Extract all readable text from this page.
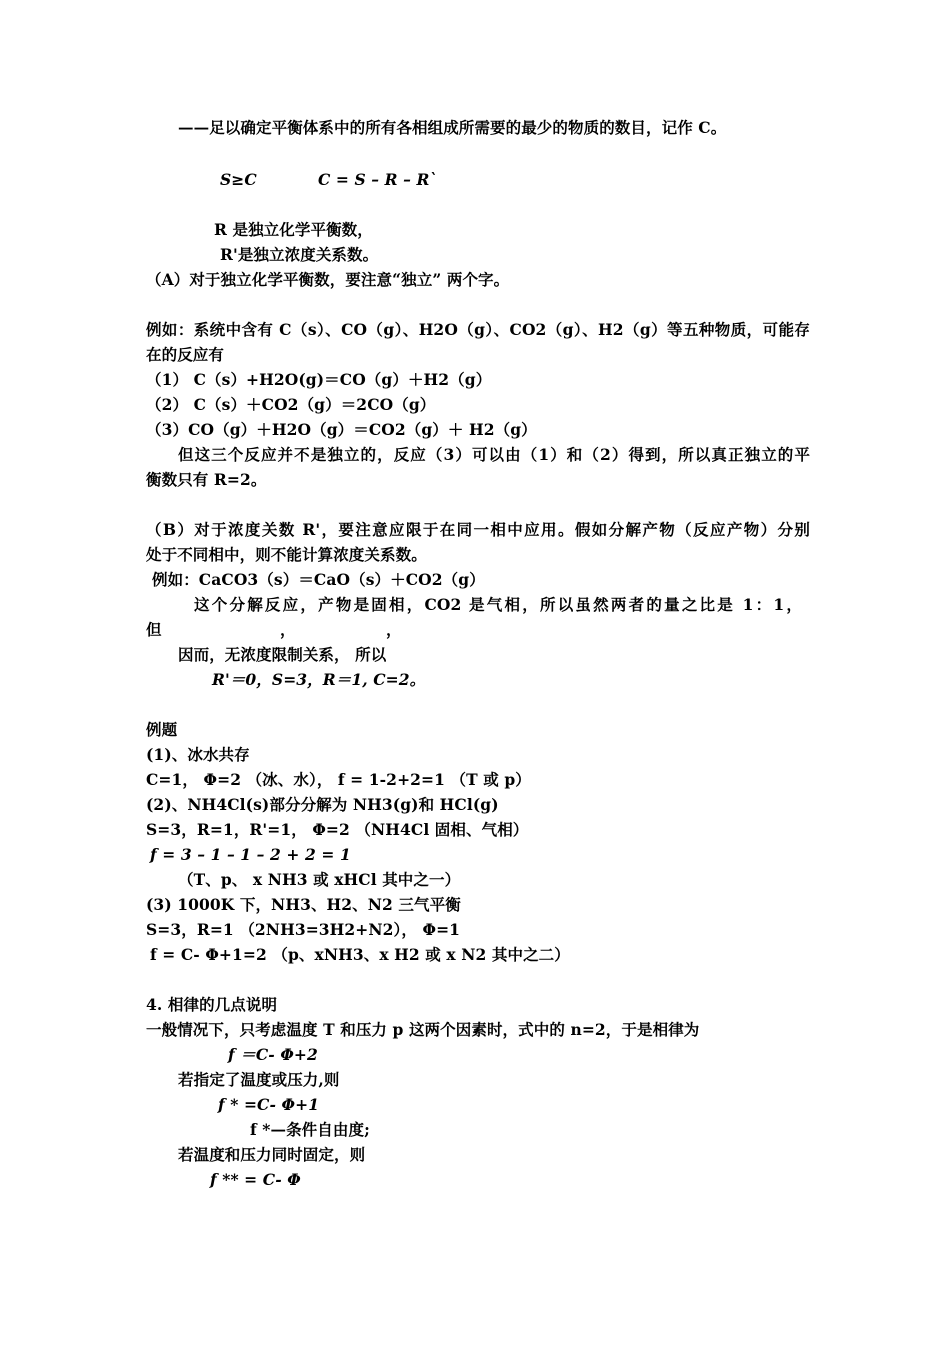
——足以确定平衡体系中的所有各相组成所需要的最少的物质的数目，记作 C。
S≥C	C = S – R – R`
R 是独立化学平衡数，
R'是独立浓度关系数。
（A）对于独立化学平衡数，要注意“独立” 两个字。
例如：系统中含有 C（s）、CO（g）、H2O（g）、CO2（g）、H2（g）等五种物质，可能存
在的反应有
（1） C（s）+H2O(g)＝CO（g）＋H2（g）
（2） C（s）＋CO2（g）＝2CO（g）
（3）CO（g）＋H2O（g）＝CO2（g）＋ H2（g）
但这三个反应并不是独立的，反应（3）可以由（1）和（2）得到，所以真正独立的平
衡数只有 R=2。
（B）对于浓度关数 R'，要注意应限于在同一相中应用。假如分解产物（反应产物）分别
处于不同相中，则不能计算浓度关系数。
例如：CaCO3（s）＝CaO（s）＋CO2（g）
这个分解反应，产物是固相，CO2 是气相，所以虽然两者的量之比是 1：1，
但	，	，
因而，无浓度限制关系， 所以
R'＝0，S=3，R＝1, C=2。
例题
(1)、冰水共存
C=1， Φ=2 （冰、水）， f = 1-2+2=1 （T 或 p）
(2)、NH4Cl(s)部分分解为 NH3(g)和 HCl(g)
S=3，R=1，R'=1， Φ=2 （NH4Cl 固相、气相）
f = 3 – 1 – 1 – 2 + 2 = 1
（T、p、 x NH3 或 xHCl 其中之一）
(3) 1000K 下，NH3、H2、N2 三气平衡
S=3，R=1 （2NH3=3H2+N2）， Φ=1
f = C- Φ+1=2 （p、xNH3、x H2 或 x N2 其中之二）
4. 相律的几点说明
一般情况下，只考虑温度 T 和压力 p 这两个因素时，式中的 n=2，于是相律为
f ＝C- Φ+2
若指定了温度或压力,则
f * =C- Φ+1
f *—条件自由度;
若温度和压力同时固定，则
f ** = C- Φ
